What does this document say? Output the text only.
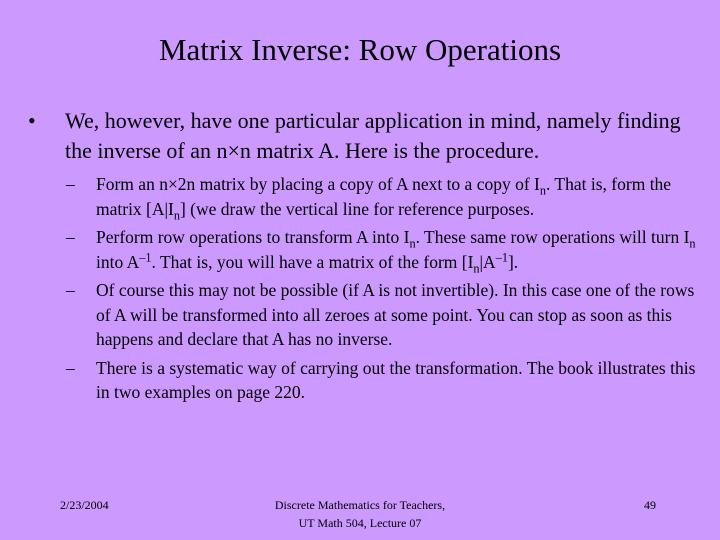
Matrix Inverse: Row Operations
• We, however, have one particular application in mind, namely finding the inverse of an n×n matrix A. Here is the procedure.
– Form an n×2n matrix by placing a copy of A next to a copy of $I_n$. That is, form the matrix $[A|I_n]$ (we draw the vertical line for reference purposes.
– Perform row operations to transform A into $I_n$. These same row operations will turn $I_n$ into $A^{-1}$. That is, you will have a matrix of the form $[I_n|A^{-1}]$.
– Of course this may not be possible (if A is not invertible). In this case one of the rows of A will be transformed into all zeroes at some point. You can stop as soon as this happens and declare that A has no inverse.
– There is a systematic way of carrying out the transformation. The book illustrates this in two examples on page 220.
2/23/2004	Discrete Mathematics for Teachers,
UT Math 504, Lecture 07
49
